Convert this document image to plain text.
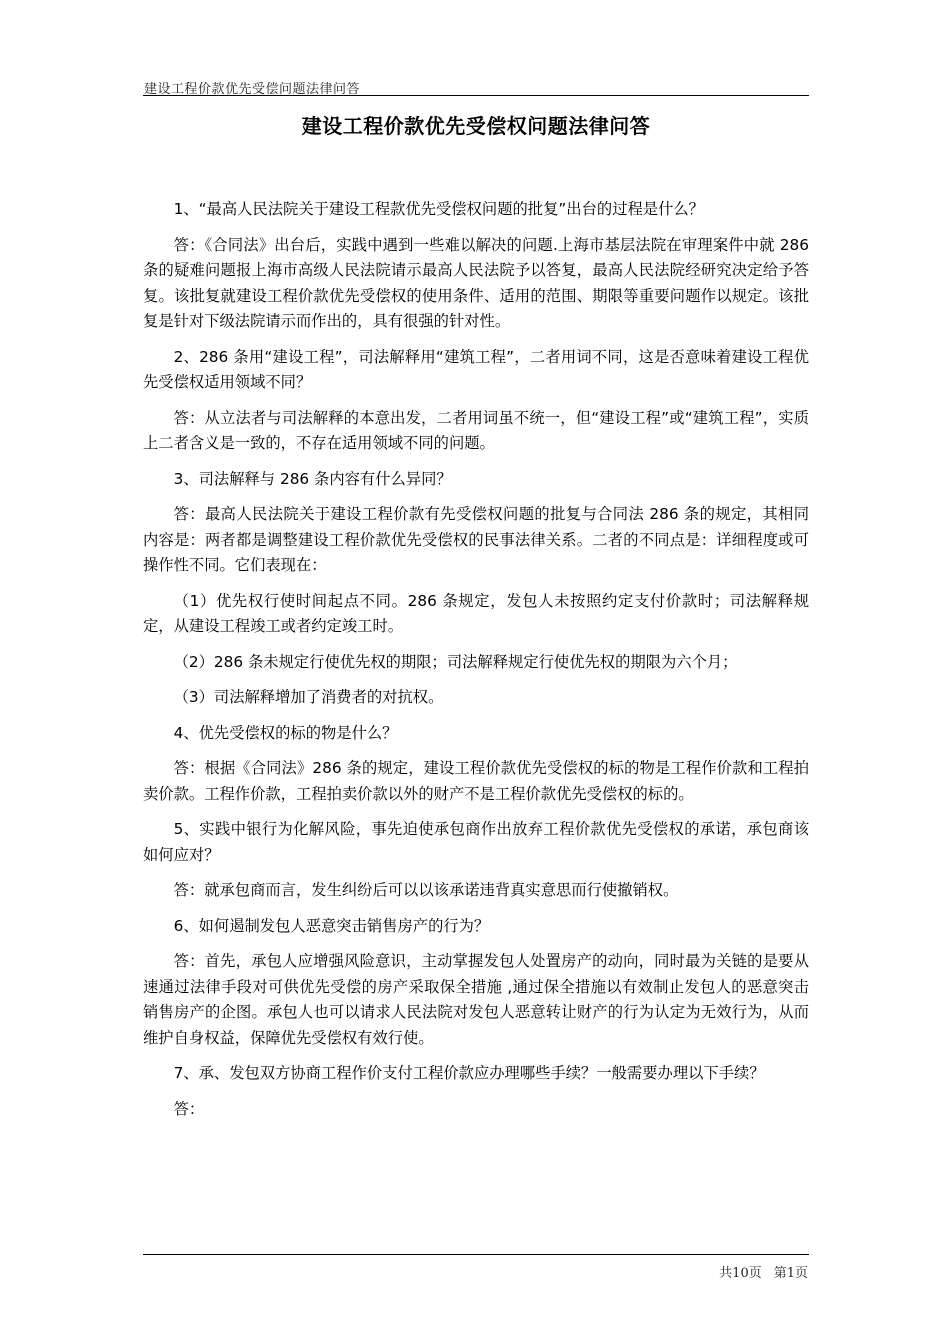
建设工程价款优先受偿问题法律问答
建设工程价款优先受偿权问题法律问答

1、“最高人民法院关于建设工程款优先受偿权问题的批复”出台的过程是什么？

答：《合同法》出台后，实践中遇到一些难以解决的问题.上海市基层法院在审理案件中就 286 条的疑难问题报上海市高级人民法院请示最高人民法院予以答复，最高人民法院经研究决定给予答复。该批复就建设工程价款优先受偿权的使用条件、适用的范围、期限等重要问题作以规定。该批复是针对下级法院请示而作出的，具有很强的针对性。

2、286 条用“建设工程”，司法解释用“建筑工程”，二者用词不同，这是否意味着建设工程优先受偿权适用领域不同？

答：从立法者与司法解释的本意出发，二者用词虽不统一，但“建设工程”或“建筑工程”，实质上二者含义是一致的，不存在适用领域不同的问题。

3、司法解释与 286 条内容有什么异同？

答：最高人民法院关于建设工程价款有先受偿权问题的批复与合同法 286 条的规定，其相同内容是：两者都是调整建设工程价款优先受偿权的民事法律关系。二者的不同点是：详细程度或可操作性不同。它们表现在：

（1）优先权行使时间起点不同。286 条规定，发包人未按照约定支付价款时；司法解释规定，从建设工程竣工或者约定竣工时。

（2）286 条未规定行使优先权的期限；司法解释规定行使优先权的期限为六个月；

（3）司法解释增加了消费者的对抗权。

4、优先受偿权的标的物是什么？

答：根据《合同法》286 条的规定，建设工程价款优先受偿权的标的物是工程作价款和工程拍卖价款。工程作价款，工程拍卖价款以外的财产不是工程价款优先受偿权的标的。

5、实践中银行为化解风险，事先迫使承包商作出放弃工程价款优先受偿权的承诺，承包商该如何应对？

答：就承包商而言，发生纠纷后可以以该承诺违背真实意思而行使撤销权。

6、如何遏制发包人恶意突击销售房产的行为？

答：首先，承包人应增强风险意识，主动掌握发包人处置房产的动向，同时最为关链的是要从速通过法律手段对可供优先受偿的房产采取保全措施 ,通过保全措施以有效制止发包人的恶意突击销售房产的企图。承包人也可以请求人民法院对发包人恶意转让财产的行为认定为无效行为，从而维护自身权益，保障优先受偿权有效行使。

7、承、发包双方协商工程作价支付工程价款应办理哪些手续？一般需要办理以下手续？

答：

共10页 第1页
